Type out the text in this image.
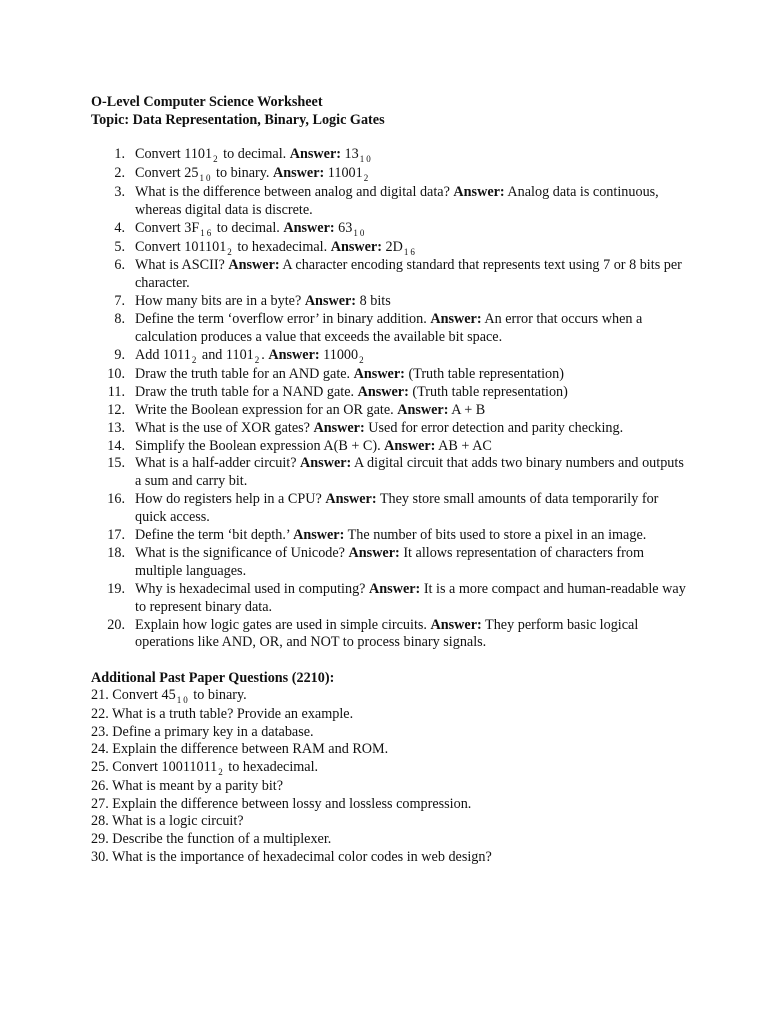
O-Level Computer Science Worksheet
Topic: Data Representation, Binary, Logic Gates
1. Convert $1101_2$ to decimal. Answer: $13_{10}$
2. Convert $25_{10}$ to binary. Answer: $11001_2$
3. What is the difference between analog and digital data? Answer: Analog data is continuous, whereas digital data is discrete.
4. Convert $3F_{16}$ to decimal. Answer: $63_{10}$
5. Convert $101101_2$ to hexadecimal. Answer: $2D_{16}$
6. What is ASCII? Answer: A character encoding standard that represents text using 7 or 8 bits per character.
7. How many bits are in a byte? Answer: 8 bits
8. Define the term ‘overflow error’ in binary addition. Answer: An error that occurs when a calculation produces a value that exceeds the available bit space.
9. Add $1011_2$ and $1101_2$. Answer: $11000_2$
10. Draw the truth table for an AND gate. Answer: (Truth table representation)
11. Draw the truth table for a NAND gate. Answer: (Truth table representation)
12. Write the Boolean expression for an OR gate. Answer: A + B
13. What is the use of XOR gates? Answer: Used for error detection and parity checking.
14. Simplify the Boolean expression A(B + C). Answer: AB + AC
15. What is a half-adder circuit? Answer: A digital circuit that adds two binary numbers and outputs a sum and carry bit.
16. How do registers help in a CPU? Answer: They store small amounts of data temporarily for quick access.
17. Define the term ‘bit depth.’ Answer: The number of bits used to store a pixel in an image.
18. What is the significance of Unicode? Answer: It allows representation of characters from multiple languages.
19. Why is hexadecimal used in computing? Answer: It is a more compact and human-readable way to represent binary data.
20. Explain how logic gates are used in simple circuits. Answer: They perform basic logical operations like AND, OR, and NOT to process binary signals.
Additional Past Paper Questions (2210):
21. Convert $45_{10}$ to binary.
22. What is a truth table? Provide an example.
23. Define a primary key in a database.
24. Explain the difference between RAM and ROM.
25. Convert $10011011_2$ to hexadecimal.
26. What is meant by a parity bit?
27. Explain the difference between lossy and lossless compression.
28. What is a logic circuit?
29. Describe the function of a multiplexer.
30. What is the importance of hexadecimal color codes in web design?
